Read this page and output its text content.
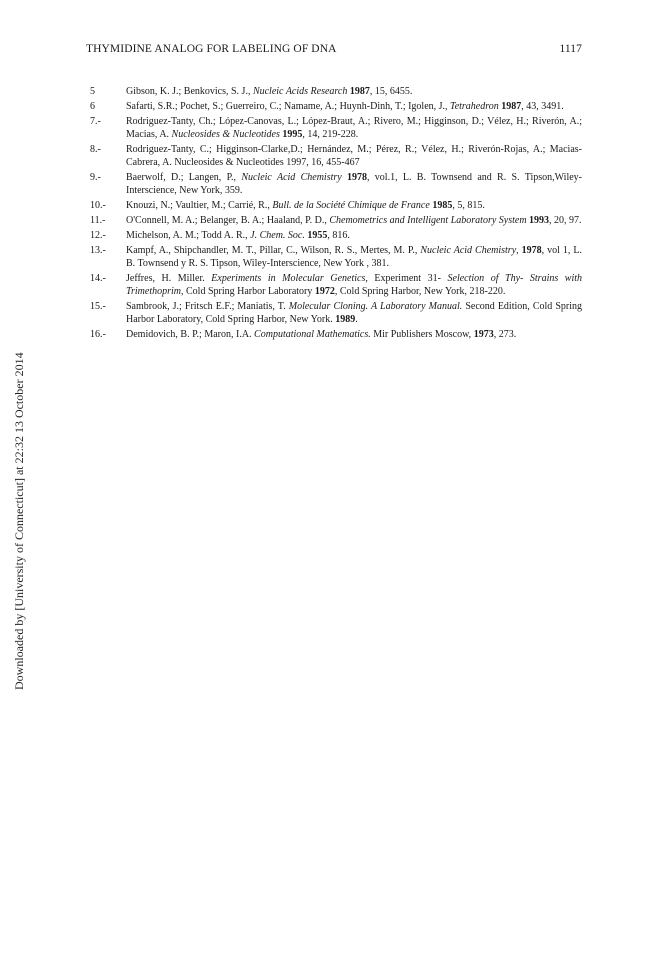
THYMIDINE ANALOG FOR LABELING OF DNA	1117
Downloaded by [University of Connecticut] at 22:32 13 October 2014
5	Gibson, K. J.; Benkovics, S. J., Nucleic Acids Research 1987, 15, 6455.
6	Safarti, S.R.; Pochet, S.; Guerreiro, C.; Namame, A.; Huynh-Dinh, T.; Igolen, J., Tetrahedron 1987, 43, 3491.
7.-	Rodriguez-Tanty, Ch.; López-Canovas, L.; López-Braut, A.; Rivero, M.; Higginson, D.; Vélez, H.; Riverón, A.; Macias, A. Nucleosides & Nucleotides 1995, 14, 219-228.
8.-	Rodriguez-Tanty, C.; Higginson-Clarke,D.; Hernández, M.; Pérez, R.; Vélez, H.; Riverón-Rojas, A.; Macias-Cabrera, A. Nucleosides & Nucleotides 1997, 16, 455-467
9.-	Baerwolf, D.; Langen, P., Nucleic Acid Chemistry 1978, vol.1, L. B. Townsend and R. S. Tipson,Wiley-Interscience, New York, 359.
10.- Knouzi, N.; Vaultier, M.; Carrié, R., Bull. de la Société Chimique de France 1985, 5, 815.
11.- O'Connell, M. A.; Belanger, B. A.; Haaland, P. D., Chemometrics and Intelligent Laboratory System 1993, 20, 97.
12.- Michelson, A. M.; Todd A. R., J. Chem. Soc. 1955, 816.
13.- Kampf, A., Shipchandler, M. T., Pillar, C., Wilson, R. S., Mertes, M. P., Nucleic Acid Chemistry, 1978, vol 1, L. B. Townsend y R. S. Tipson, Wiley-Interscience, New York , 381.
14.- Jeffres, H. Miller. Experiments in Molecular Genetics, Experiment 31- Selection of Thy- Strains with Trimethoprim, Cold Spring Harbor Laboratory 1972, Cold Spring Harbor, New York, 218-220.
15.- Sambrook, J.; Fritsch E.F.; Maniatis, T. Molecular Cloning. A Laboratory Manual. Second Edition, Cold Spring Harbor Laboratory, Cold Spring Harbor, New York. 1989.
16.- Demidovich, B. P.; Maron, I.A. Computational Mathematics. Mir Publishers Moscow, 1973, 273.
